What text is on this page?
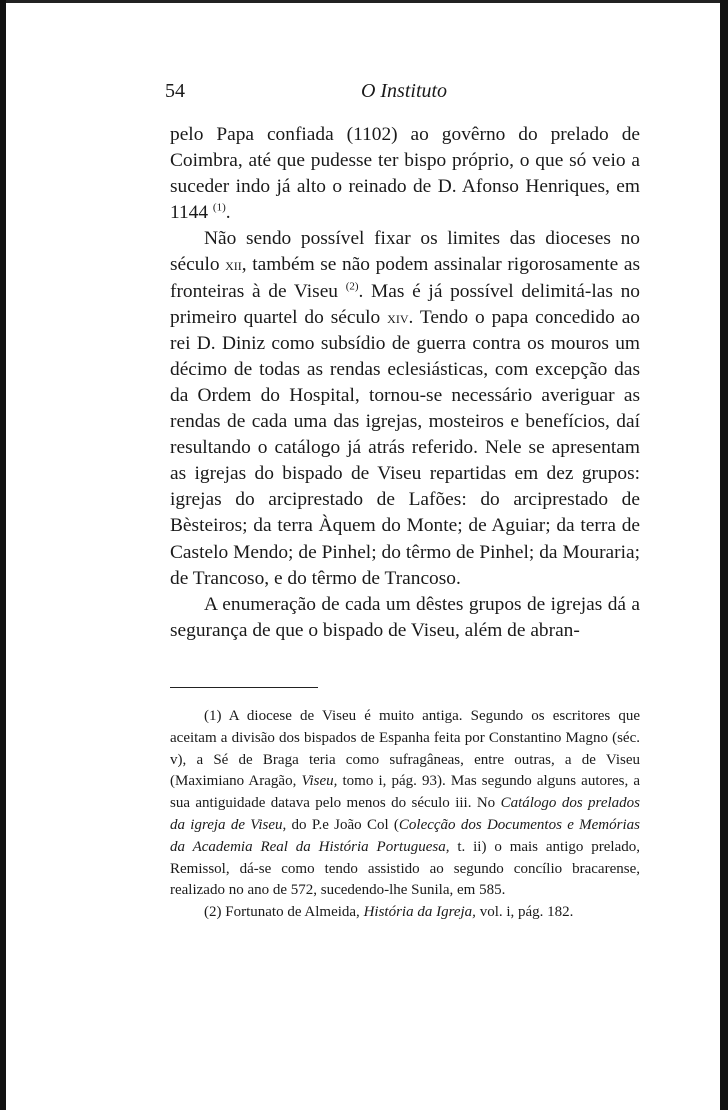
54	O Instituto

pelo Papa confiada (1102) ao govêrno do prelado de Coimbra, até que pudesse ter bispo próprio, o que só veio a suceder indo já alto o reinado de D. Afonso Henriques, em 1144 $^{(1)}$.

Não sendo possível fixar os limites das dioceses no século xii, também se não podem assinalar rigorosamente as fronteiras à de Viseu $^{(2)}$. Mas é já possível delimitá-las no primeiro quartel do século xiv. Tendo o papa concedido ao rei D. Diniz como subsídio de guerra contra os mouros um décimo de todas as rendas eclesiásticas, com excepção das da Ordem do Hospital, tornou-se necessário averiguar as rendas de cada uma das igrejas, mosteiros e benefícios, daí resultando o catálogo já atrás referido. Nele se apresentam as igrejas do bispado de Viseu repartidas em dez grupos: igrejas do arciprestado de Lafões: do arciprestado de Bèsteiros; da terra Àquem do Monte; de Aguiar; da terra de Castelo Mendo; de Pinhel; do têrmo de Pinhel; da Mouraria; de Trancoso, e do têrmo de Trancoso.

A enumeração de cada um dêstes grupos de igrejas dá a segurança de que o bispado de Viseu, além de abran-

(1) A diocese de Viseu é muito antiga. Segundo os escritores que aceitam a divisão dos bispados de Espanha feita por Constantino Magno (séc. v), a Sé de Braga teria como sufragâneas, entre outras, a de Viseu (Maximiano Aragão, Viseu, tomo i, pág. 93). Mas segundo alguns autores, a sua antiguidade datava pelo menos do século iii. No Catálogo dos prelados da igreja de Viseu, do P.e João Col (Colecção dos Documentos e Memórias da Academia Real da História Portuguesa, t. ii) o mais antigo prelado, Remissol, dá-se como tendo assistido ao segundo concílio bracarense, realizado no ano de 572, sucedendo-lhe Sunila, em 585.

(2) Fortunato de Almeida, História da Igreja, vol. i, pág. 182.
